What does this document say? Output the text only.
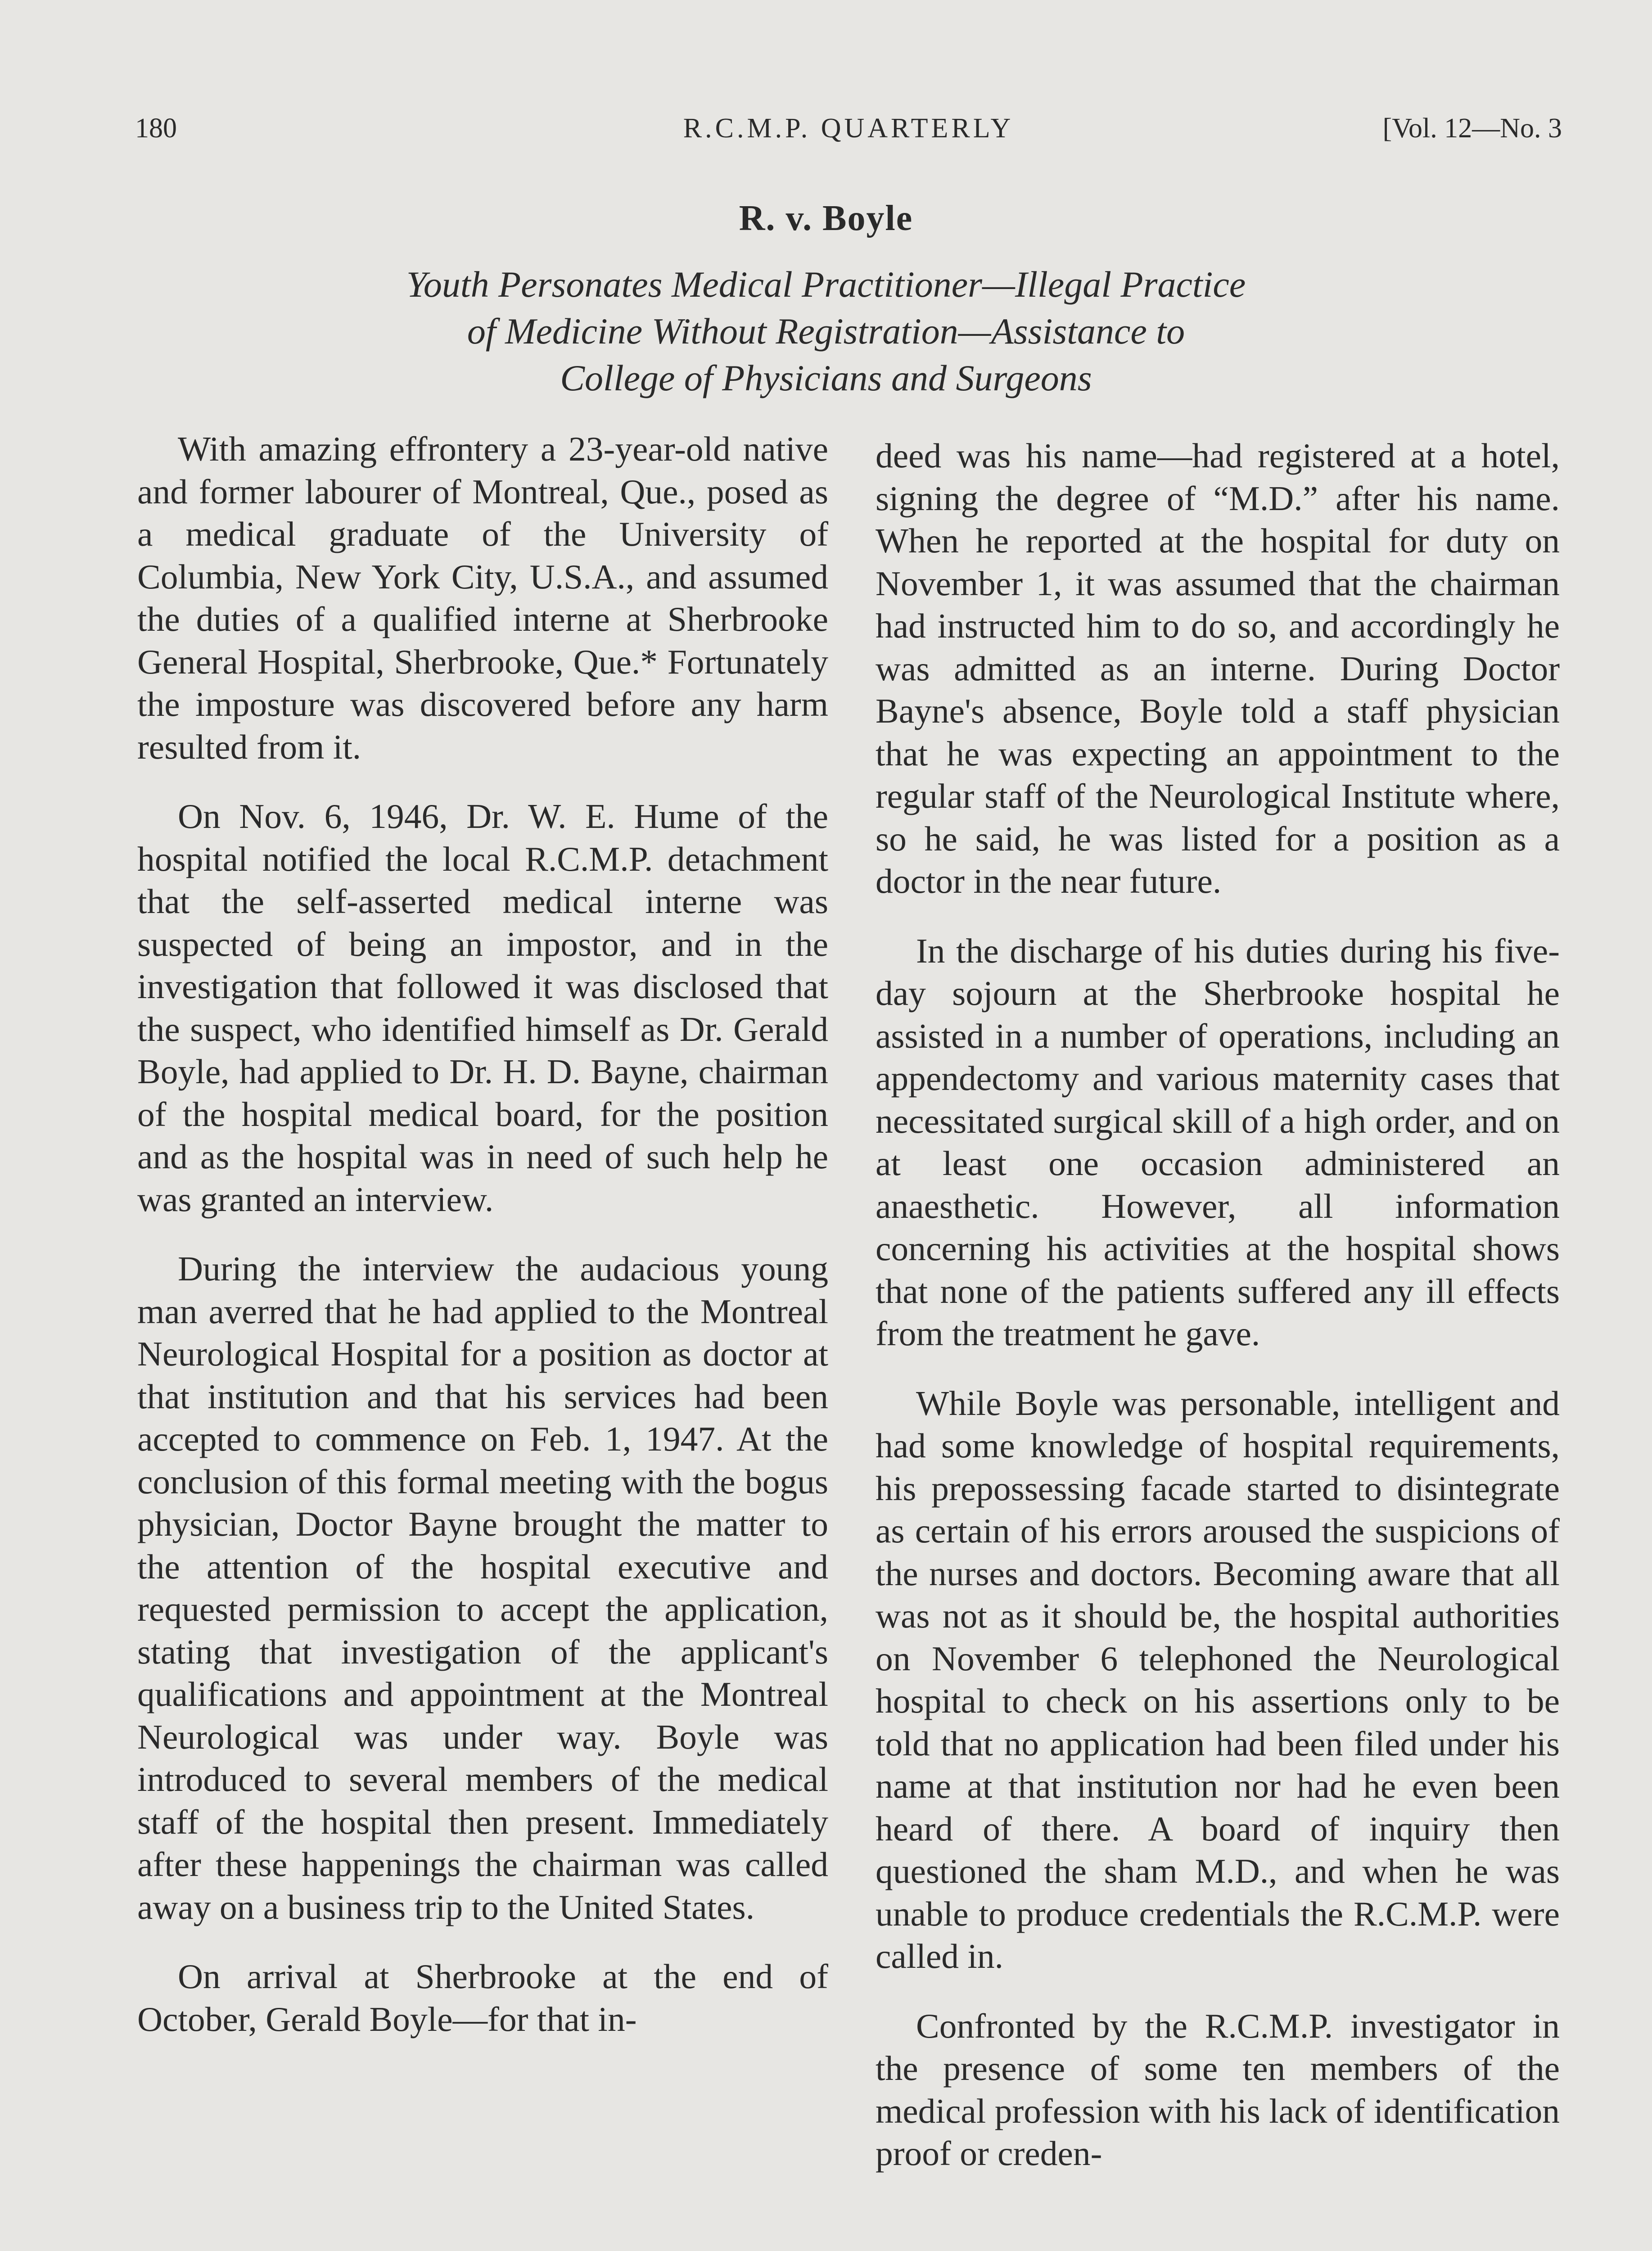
180	R.C.M.P. QUARTERLY	[Vol. 12—No. 3
R. v. Boyle
Youth Personates Medical Practitioner—Illegal Practice
of Medicine Without Registration—Assistance to
College of Physicians and Surgeons

With amazing effrontery a 23-year-old native and former labourer of Montreal, Que., posed as a medical graduate of the University of Columbia, New York City, U.S.A., and assumed the duties of a qualified interne at Sherbrooke General Hospital, Sherbrooke, Que.* Fortunately the imposture was discovered before any harm resulted from it.

On Nov. 6, 1946, Dr. W. E. Hume of the hospital notified the local R.C.M.P. detachment that the self-asserted medical interne was suspected of being an impostor, and in the investigation that followed it was disclosed that the suspect, who identified himself as Dr. Gerald Boyle, had applied to Dr. H. D. Bayne, chairman of the hospital medical board, for the position and as the hospital was in need of such help he was granted an interview.

During the interview the audacious young man averred that he had applied to the Montreal Neurological Hospital for a position as doctor at that institution and that his services had been accepted to commence on Feb. 1, 1947. At the conclusion of this formal meeting with the bogus physician, Doctor Bayne brought the matter to the attention of the hospital executive and requested permission to accept the application, stating that investigation of the applicant's qualifications and appointment at the Montreal Neurological was under way. Boyle was introduced to several members of the medical staff of the hospital then present. Immediately after these happenings the chairman was called away on a business trip to the United States.

On arrival at Sherbrooke at the end of October, Gerald Boyle—for that in-

deed was his name—had registered at a hotel, signing the degree of “M.D.” after his name. When he reported at the hospital for duty on November 1, it was assumed that the chairman had instructed him to do so, and accordingly he was admitted as an interne. During Doctor Bayne's absence, Boyle told a staff physician that he was expecting an appointment to the regular staff of the Neurological Institute where, so he said, he was listed for a position as a doctor in the near future.

In the discharge of his duties during his five-day sojourn at the Sherbrooke hospital he assisted in a number of operations, including an appendectomy and various maternity cases that necessitated surgical skill of a high order, and on at least one occasion administered an anaesthetic. However, all information concerning his activities at the hospital shows that none of the patients suffered any ill effects from the treatment he gave.

While Boyle was personable, intelligent and had some knowledge of hospital requirements, his prepossessing facade started to disintegrate as certain of his errors aroused the suspicions of the nurses and doctors. Becoming aware that all was not as it should be, the hospital authorities on November 6 telephoned the Neurological hospital to check on his assertions only to be told that no application had been filed under his name at that institution nor had he even been heard of there. A board of inquiry then questioned the sham M.D., and when he was unable to produce credentials the R.C.M.P. were called in.

Confronted by the R.C.M.P. investigator in the presence of some ten members of the medical profession with his lack of identification proof or creden-
